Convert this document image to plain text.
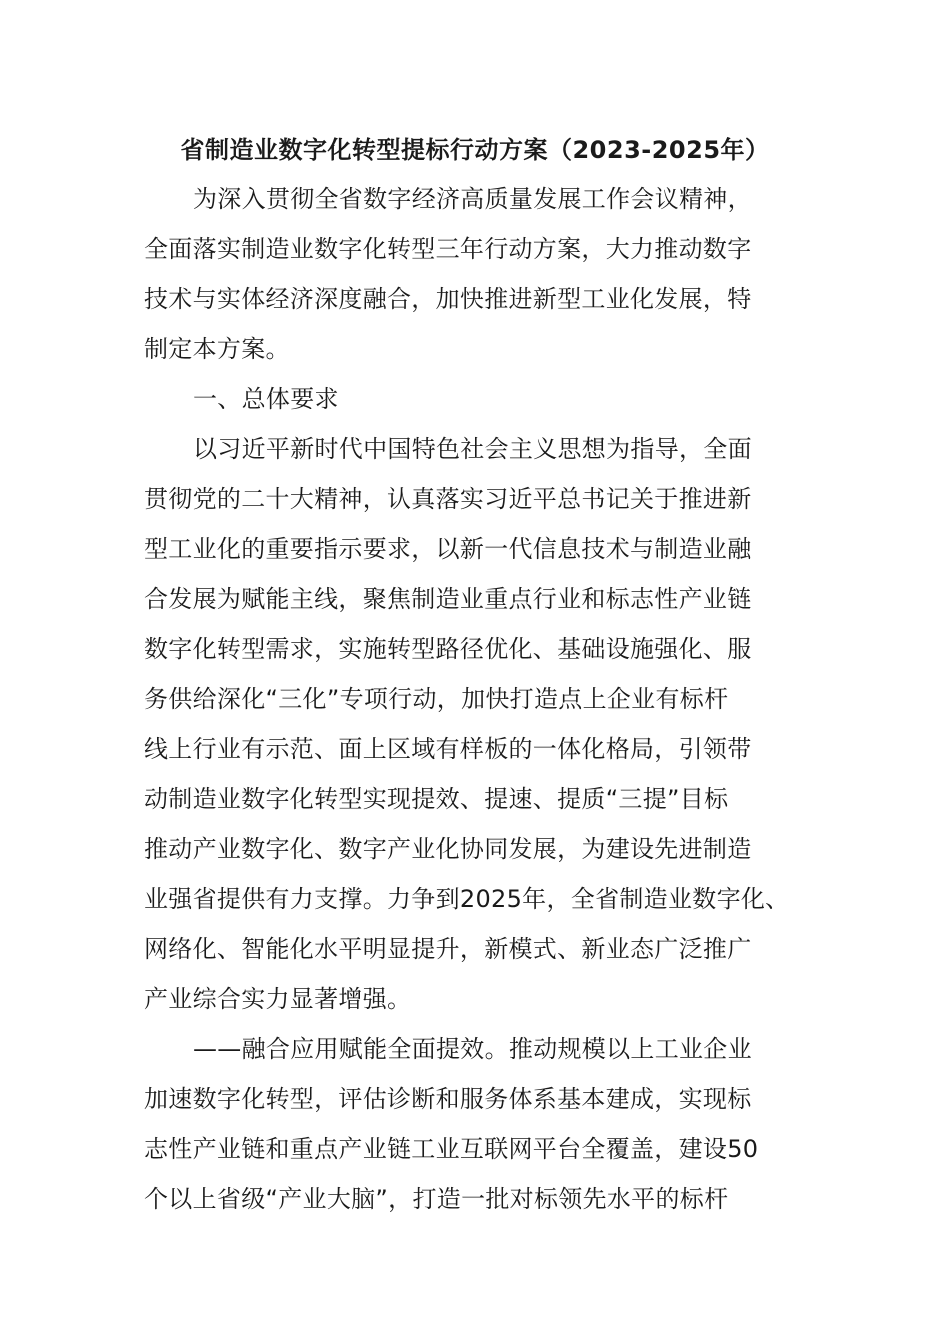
省制造业数字化转型提标行动方案（2023-2025年）
为深入贯彻全省数字经济高质量发展工作会议精神，
全面落实制造业数字化转型三年行动方案，大力推动数字
技术与实体经济深度融合，加快推进新型工业化发展，特
制定本方案。
一、总体要求
以习近平新时代中国特色社会主义思想为指导，全面
贯彻党的二十大精神，认真落实习近平总书记关于推进新
型工业化的重要指示要求，以新一代信息技术与制造业融
合发展为赋能主线，聚焦制造业重点行业和标志性产业链
数字化转型需求，实施转型路径优化、基础设施强化、服
务供给深化“三化”专项行动，加快打造点上企业有标杆
线上行业有示范、面上区域有样板的一体化格局，引领带
动制造业数字化转型实现提效、提速、提质“三提”目标
推动产业数字化、数字产业化协同发展，为建设先进制造
业强省提供有力支撑。力争到2025年，全省制造业数字化、
网络化、智能化水平明显提升，新模式、新业态广泛推广
产业综合实力显著增强。
——融合应用赋能全面提效。推动规模以上工业企业
加速数字化转型，评估诊断和服务体系基本建成，实现标
志性产业链和重点产业链工业互联网平台全覆盖，建设50
个以上省级“产业大脑”，打造一批对标领先水平的标杆
